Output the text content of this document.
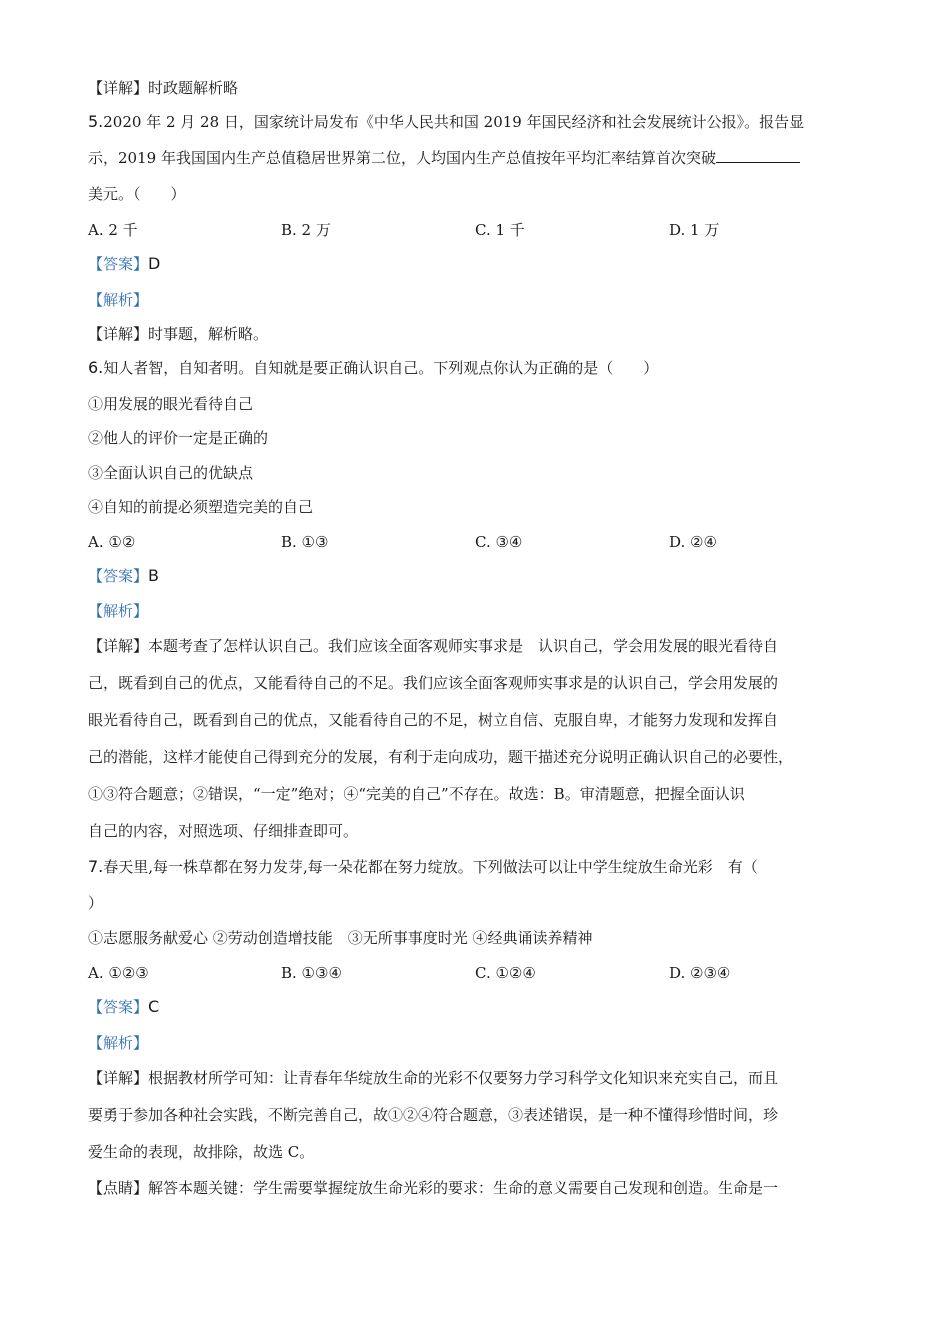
【详解】时政题解析略
5.2020 年 2 月 28 日，国家统计局发布《中华人民共和国 2019 年国民经济和社会发展统计公报》。报告显
示，2019 年我国国内生产总值稳居世界第二位，人均国内生产总值按年平均汇率结算首次突破
美元。（　　）
A. 2 千	B. 2 万	C. 1 千	D. 1 万
【答案】D
【解析】
【详解】时事题，解析略。
6.知人者智，自知者明。自知就是要正确认识自己。下列观点你认为正确的是（　　）
①用发展的眼光看待自己
②他人的评价一定是正确的
③全面认识自己的优缺点
④自知的前提必须塑造完美的自己
A. ①②	B. ①③	C. ③④	D. ②④
【答案】B
【解析】
【详解】本题考查了怎样认识自己。我们应该全面客观师实事求是　认识自己，学会用发展的眼光看待自
己，既看到自己的优点，又能看待自己的不足。我们应该全面客观师实事求是的认识自己，学会用发展的
眼光看待自己，既看到自己的优点，又能看待自己的不足，树立自信、克服自卑，才能努力发现和发挥自
己的潜能，这样才能使自己得到充分的发展，有利于走向成功，题干描述充分说明正确认识自己的必要性，
①③符合题意；②错误，“一定”绝对；④“完美的自己”不存在。故选：B。审清题意，把握全面认识
自己的内容，对照选项、仔细排查即可。
7.春天里,每一株草都在努力发芽,每一朵花都在努力绽放。下列做法可以让中学生绽放生命光彩　有（
）
①志愿服务献爱心 ②劳动创造增技能　③无所事事度时光 ④经典诵读养精神
A. ①②③	B. ①③④	C. ①②④	D. ②③④
【答案】C
【解析】
【详解】根据教材所学可知：让青春年华绽放生命的光彩不仅要努力学习科学文化知识来充实自己，而且
要勇于参加各种社会实践，不断完善自己，故①②④符合题意，③表述错误，是一种不懂得珍惜时间，珍
爱生命的表现，故排除，故选 C。
【点睛】解答本题关键：学生需要掌握绽放生命光彩的要求：生命的意义需要自己发现和创造。生命是一
